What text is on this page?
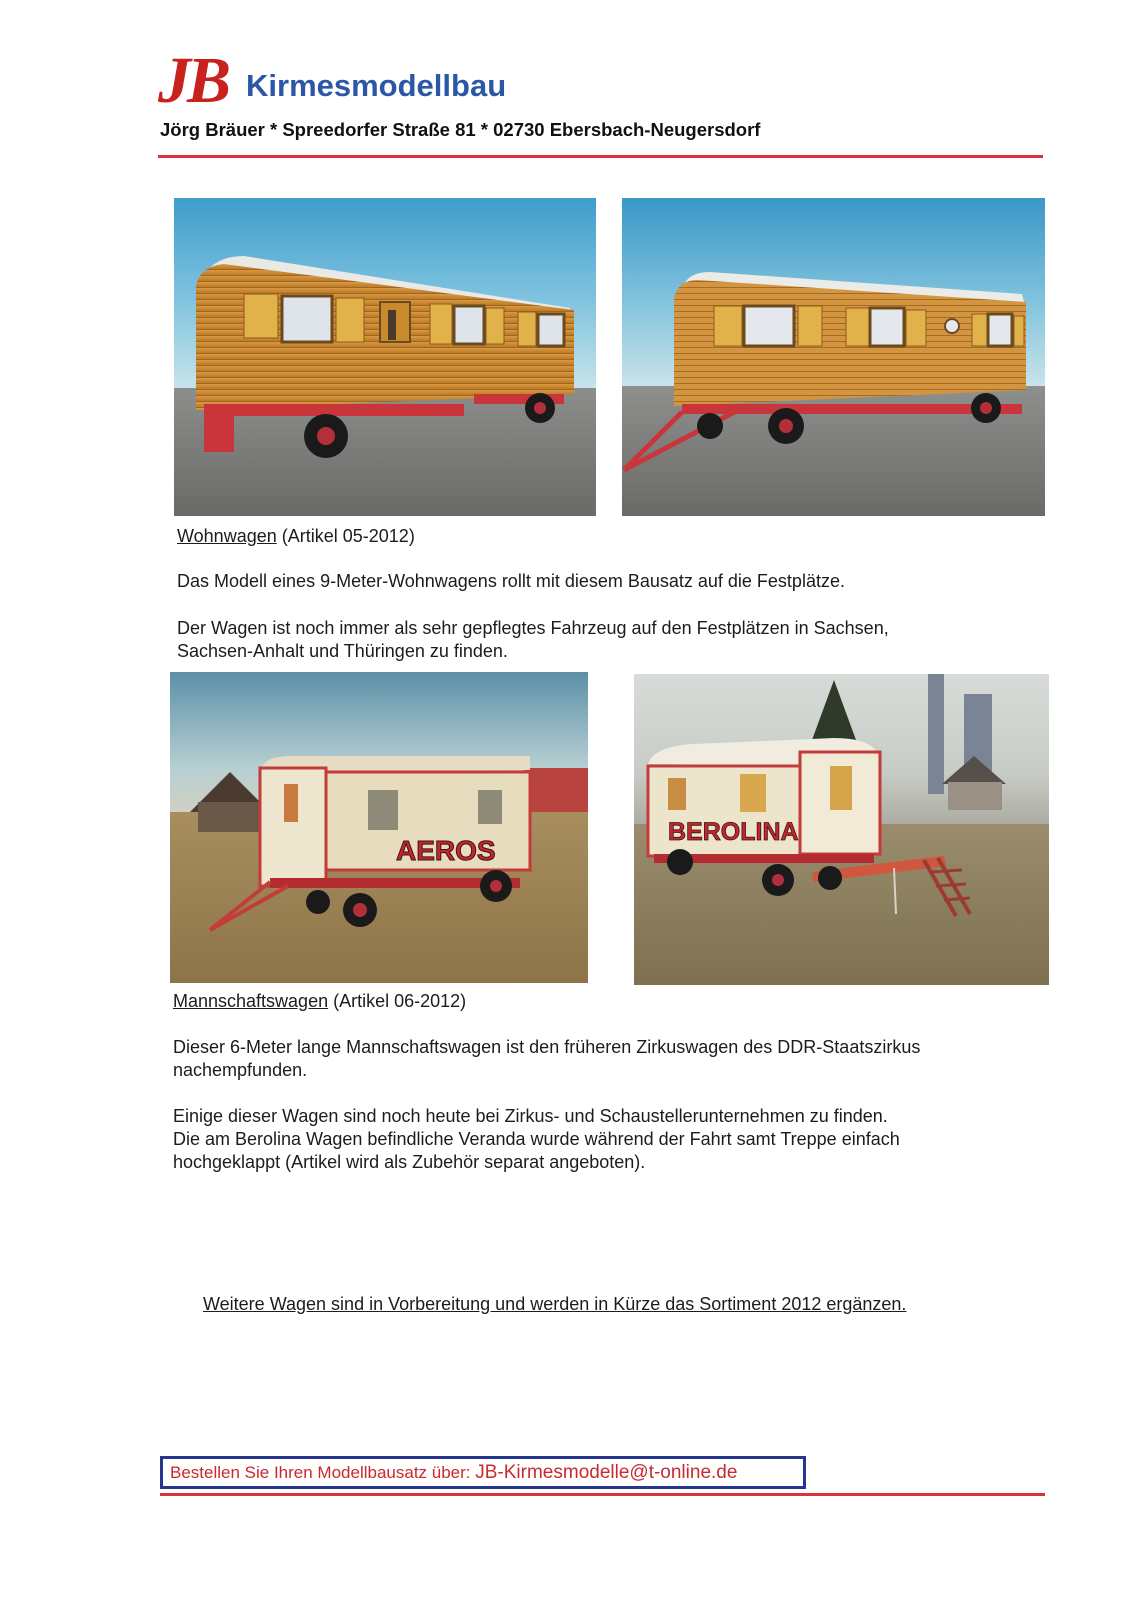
JB Kirmesmodellbau
Jörg Bräuer * Spreedorfer Straße 81 * 02730 Ebersbach-Neugersdorf
Wohnwagen (Artikel 05-2012)
Das Modell eines 9-Meter-Wohnwagens rollt mit diesem Bausatz auf die Festplätze.
Der Wagen ist noch immer als sehr gepflegtes Fahrzeug auf den Festplätzen in Sachsen,
Sachsen-Anhalt und Thüringen zu finden.
AEROS
BEROLINA
Mannschaftswagen (Artikel 06-2012)
Dieser 6-Meter lange Mannschaftswagen ist den früheren Zirkuswagen des DDR-Staatszirkus
nachempfunden.
Einige dieser Wagen sind noch heute bei Zirkus- und Schaustellerunternehmen zu finden.
Die am Berolina Wagen befindliche Veranda wurde während der Fahrt samt Treppe einfach
hochgeklappt (Artikel wird als Zubehör separat angeboten).
Weitere Wagen sind in Vorbereitung und werden in Kürze das Sortiment 2012 ergänzen.
Bestellen Sie Ihren Modellbausatz über: JB-Kirmesmodelle@t-online.de
